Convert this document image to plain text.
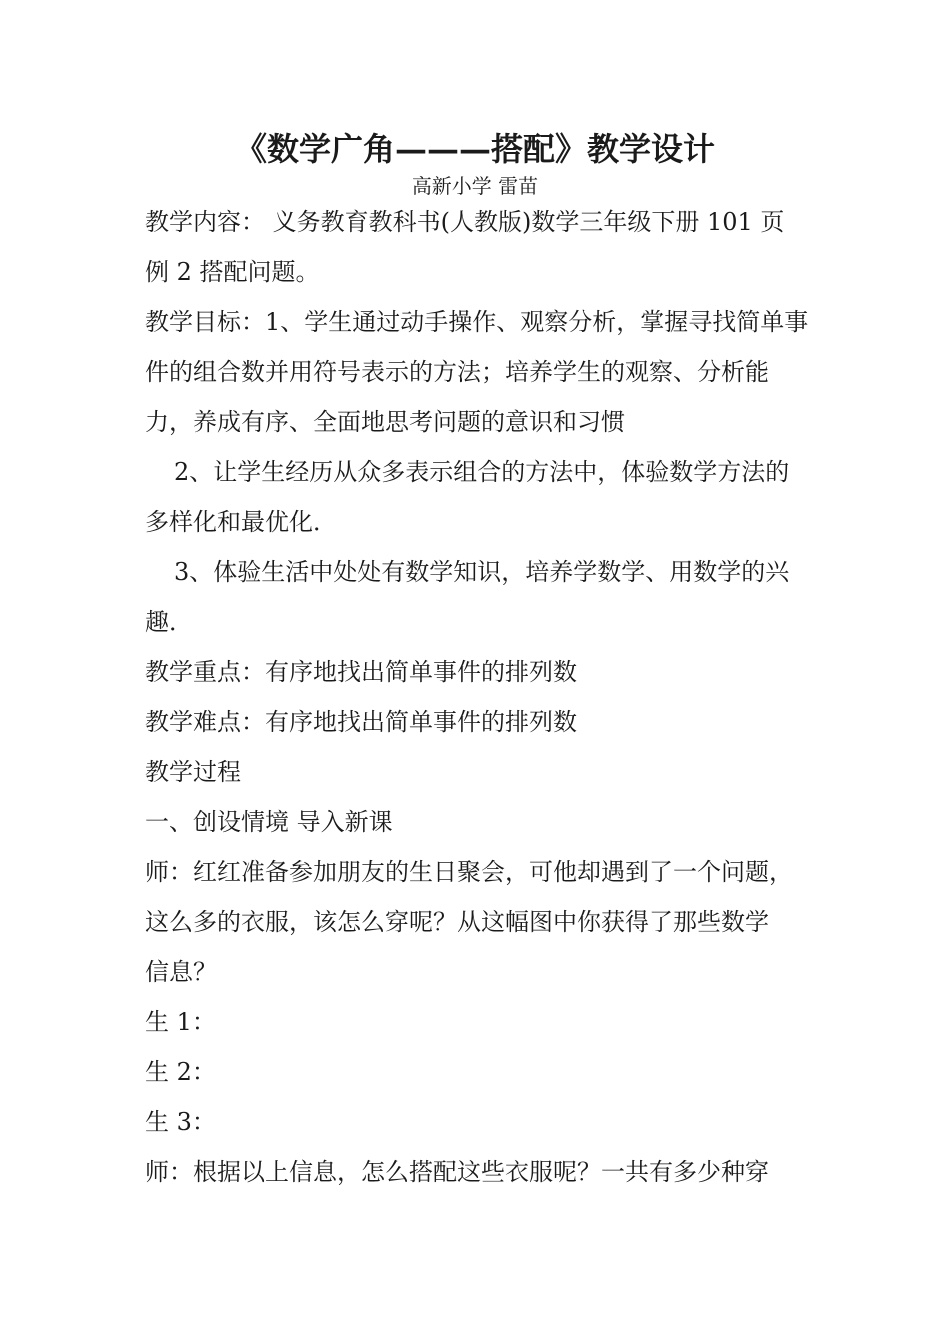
《数学广角———搭配》教学设计
高新小学 雷苗
教学内容： 义务教育教科书(人教版)数学三年级下册 101 页
例 2 搭配问题。
教学目标：1、学生通过动手操作、观察分析，掌握寻找简单事
件的组合数并用符号表示的方法；培养学生的观察、分析能
力，养成有序、全面地思考问题的意识和习惯
2、让学生经历从众多表示组合的方法中，体验数学方法的
多样化和最优化．
3、体验生活中处处有数学知识，培养学数学、用数学的兴
趣．
教学重点：有序地找出简单事件的排列数
教学难点：有序地找出简单事件的排列数
教学过程
一、创设情境 导入新课
师：红红准备参加朋友的生日聚会，可他却遇到了一个问题，
这么多的衣服，该怎么穿呢？从这幅图中你获得了那些数学
信息？
生 1：
生 2：
生 3：
师：根据以上信息，怎么搭配这些衣服呢？一共有多少种穿
